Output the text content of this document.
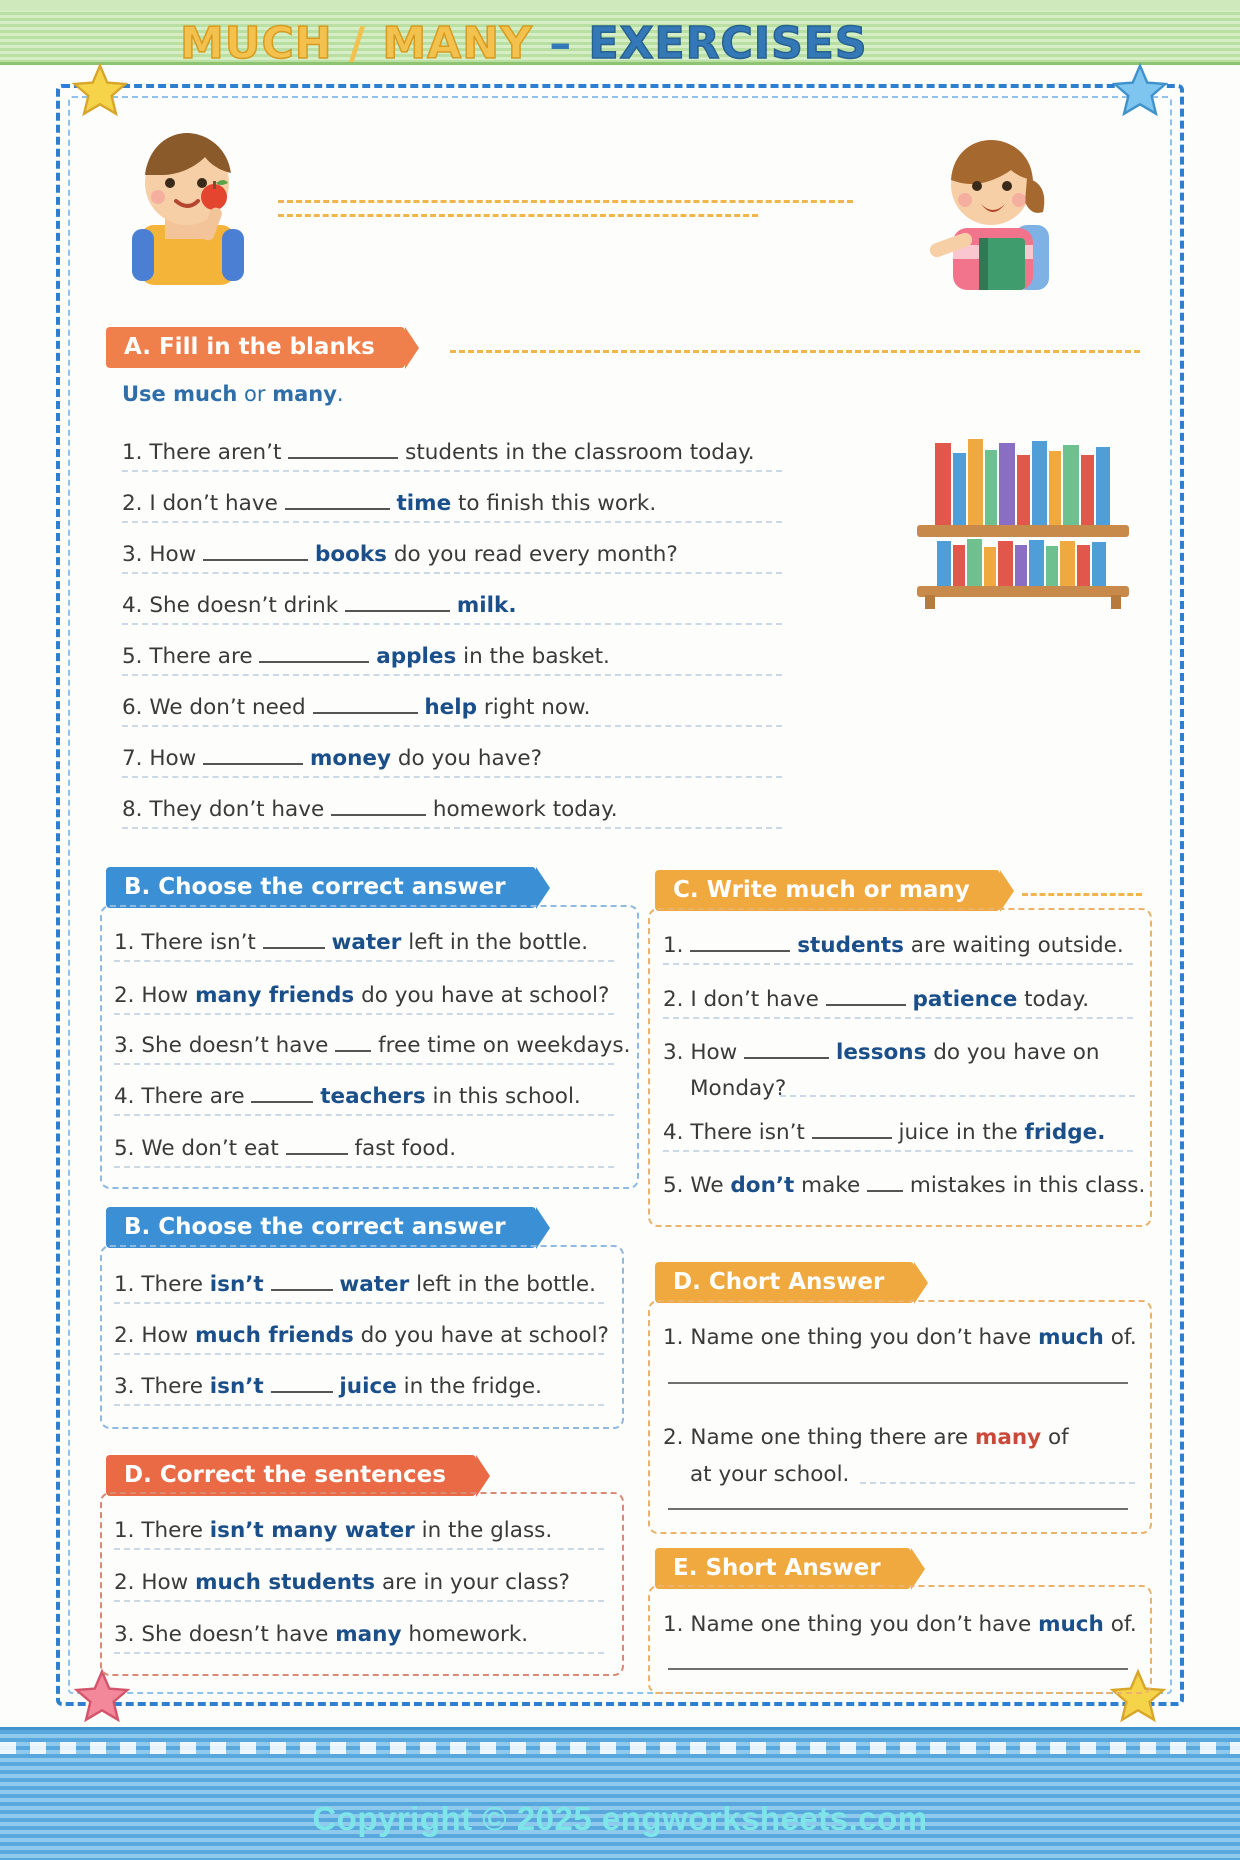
Copyright © 2025 engworksheets.com
MUCH / MANY – EXERCISES
A. Fill in the blanks
Use much or many.
1. There aren’t	students in the classroom today.
2. I don’t have	time to finish this work.
3. How	books do you read every month?
4. She doesn’t drink	milk.
5. There are	apples in the basket.
6. We don’t need	help right now.
7. How	money do you have?
8. They don’t have	homework today.
B. Choose the correct answer
1. There isn’t	water left in the bottle.
2. How many friends do you have at school?
3. She doesn’t have free time on weekdays.
4. There are	teachers in this school.
5. We don’t eat	fast food.
B. Choose the correct answer
1. There isn’t	water left in the bottle.
2. How much friends do you have at school?
3. There isn’t	juice in the fridge.
D. Correct the sentences
1. There isn’t many water in the glass.
2. How much students are in your class?
3. She doesn’t have many homework.
C. Write much or many
1.	students are waiting outside.
2. I don’t have	patience today.
3. How	lessons do you have on
Monday?
4. There isn’t	juice in the fridge.
5. We don’t make mistakes in this class.
D. Chort Answer
1. Name one thing you don’t have much of.
2. Name one thing there are many of
at your school.
E. Short Answer
1. Name one thing you don’t have much of.
